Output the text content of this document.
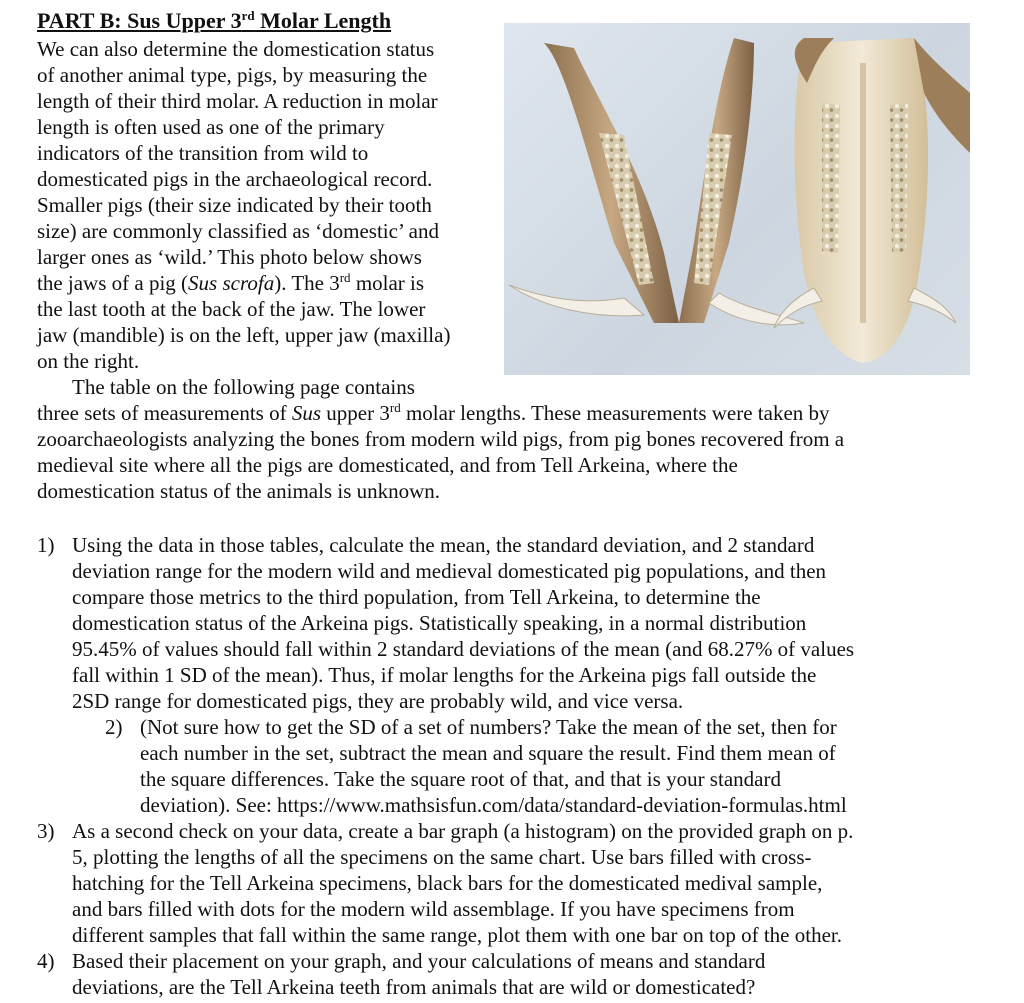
PART B: Sus Upper 3rd Molar Length
We can also determine the domestication status
of another animal type, pigs, by measuring the
length of their third molar. A reduction in molar
length is often used as one of the primary
indicators of the transition from wild to
domesticated pigs in the archaeological record.
Smaller pigs (their size indicated by their tooth
size) are commonly classified as ‘domestic’ and
larger ones as ‘wild.’ This photo below shows
the jaws of a pig (Sus scrofa). The 3rd molar is
the last tooth at the back of the jaw. The lower
jaw (mandible) is on the left, upper jaw (maxilla)
on the right.
The table on the following page contains
three sets of measurements of Sus upper 3rd molar lengths. These measurements were taken by
zooarchaeologists analyzing the bones from modern wild pigs, from pig bones recovered from a
medieval site where all the pigs are domesticated, and from Tell Arkeina, where the
domestication status of the animals is unknown.
1) Using the data in those tables, calculate the mean, the standard deviation, and 2 standard
deviation range for the modern wild and medieval domesticated pig populations, and then
compare those metrics to the third population, from Tell Arkeina, to determine the
domestication status of the Arkeina pigs. Statistically speaking, in a normal distribution
95.45% of values should fall within 2 standard deviations of the mean (and 68.27% of values
fall within 1 SD of the mean). Thus, if molar lengths for the Arkeina pigs fall outside the
2SD range for domesticated pigs, they are probably wild, and vice versa.
2) (Not sure how to get the SD of a set of numbers? Take the mean of the set, then for
each number in the set, subtract the mean and square the result. Find them mean of
the square differences. Take the square root of that, and that is your standard
deviation). See: https://www.mathsisfun.com/data/standard-deviation-formulas.html
3) As a second check on your data, create a bar graph (a histogram) on the provided graph on p.
5, plotting the lengths of all the specimens on the same chart. Use bars filled with cross-
hatching for the Tell Arkeina specimens, black bars for the domesticated medival sample,
and bars filled with dots for the modern wild assemblage. If you have specimens from
different samples that fall within the same range, plot them with one bar on top of the other.
4) Based their placement on your graph, and your calculations of means and standard
deviations, are the Tell Arkeina teeth from animals that are wild or domesticated?
